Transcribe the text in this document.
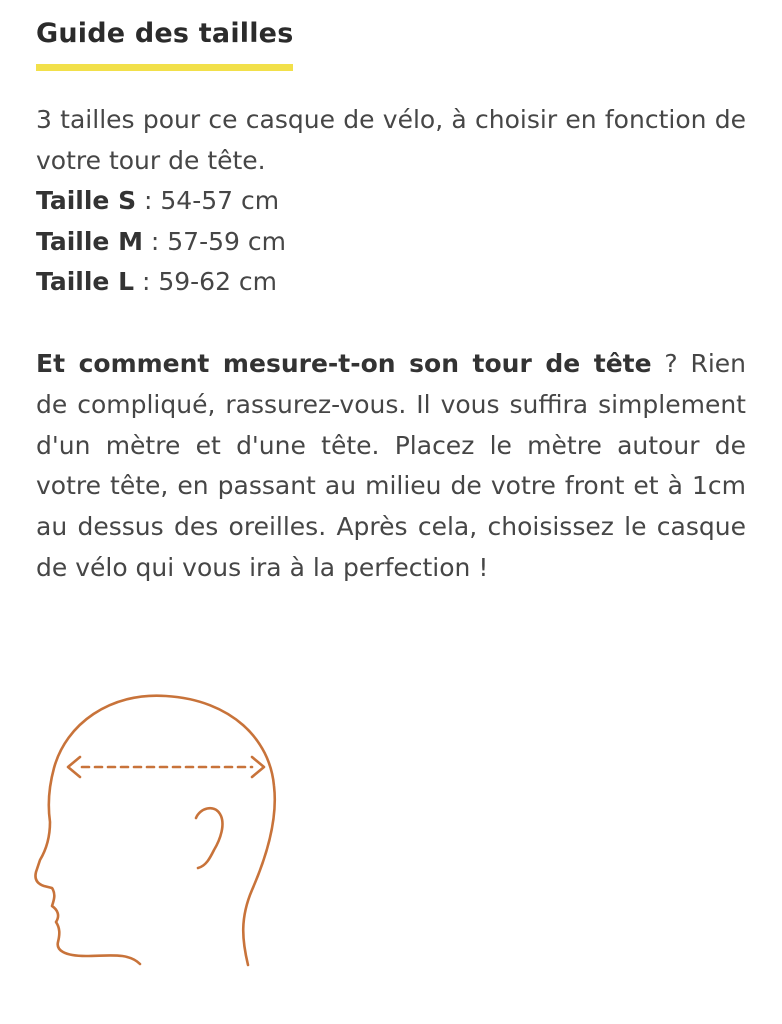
Guide des tailles

3 tailles pour ce casque de vélo, à choisir en fonction de votre tour de tête.

Taille S : 54-57 cm
Taille M : 57-59 cm
Taille L : 59-62 cm

Et comment mesure-t-on son tour de tête ? Rien de compliqué, rassurez-vous. Il vous suffira simplement d'un mètre et d'une tête. Placez le mètre autour de votre tête, en passant au milieu de votre front et à 1cm au dessus des oreilles. Après cela, choisissez le casque de vélo qui vous ira à la perfection !
